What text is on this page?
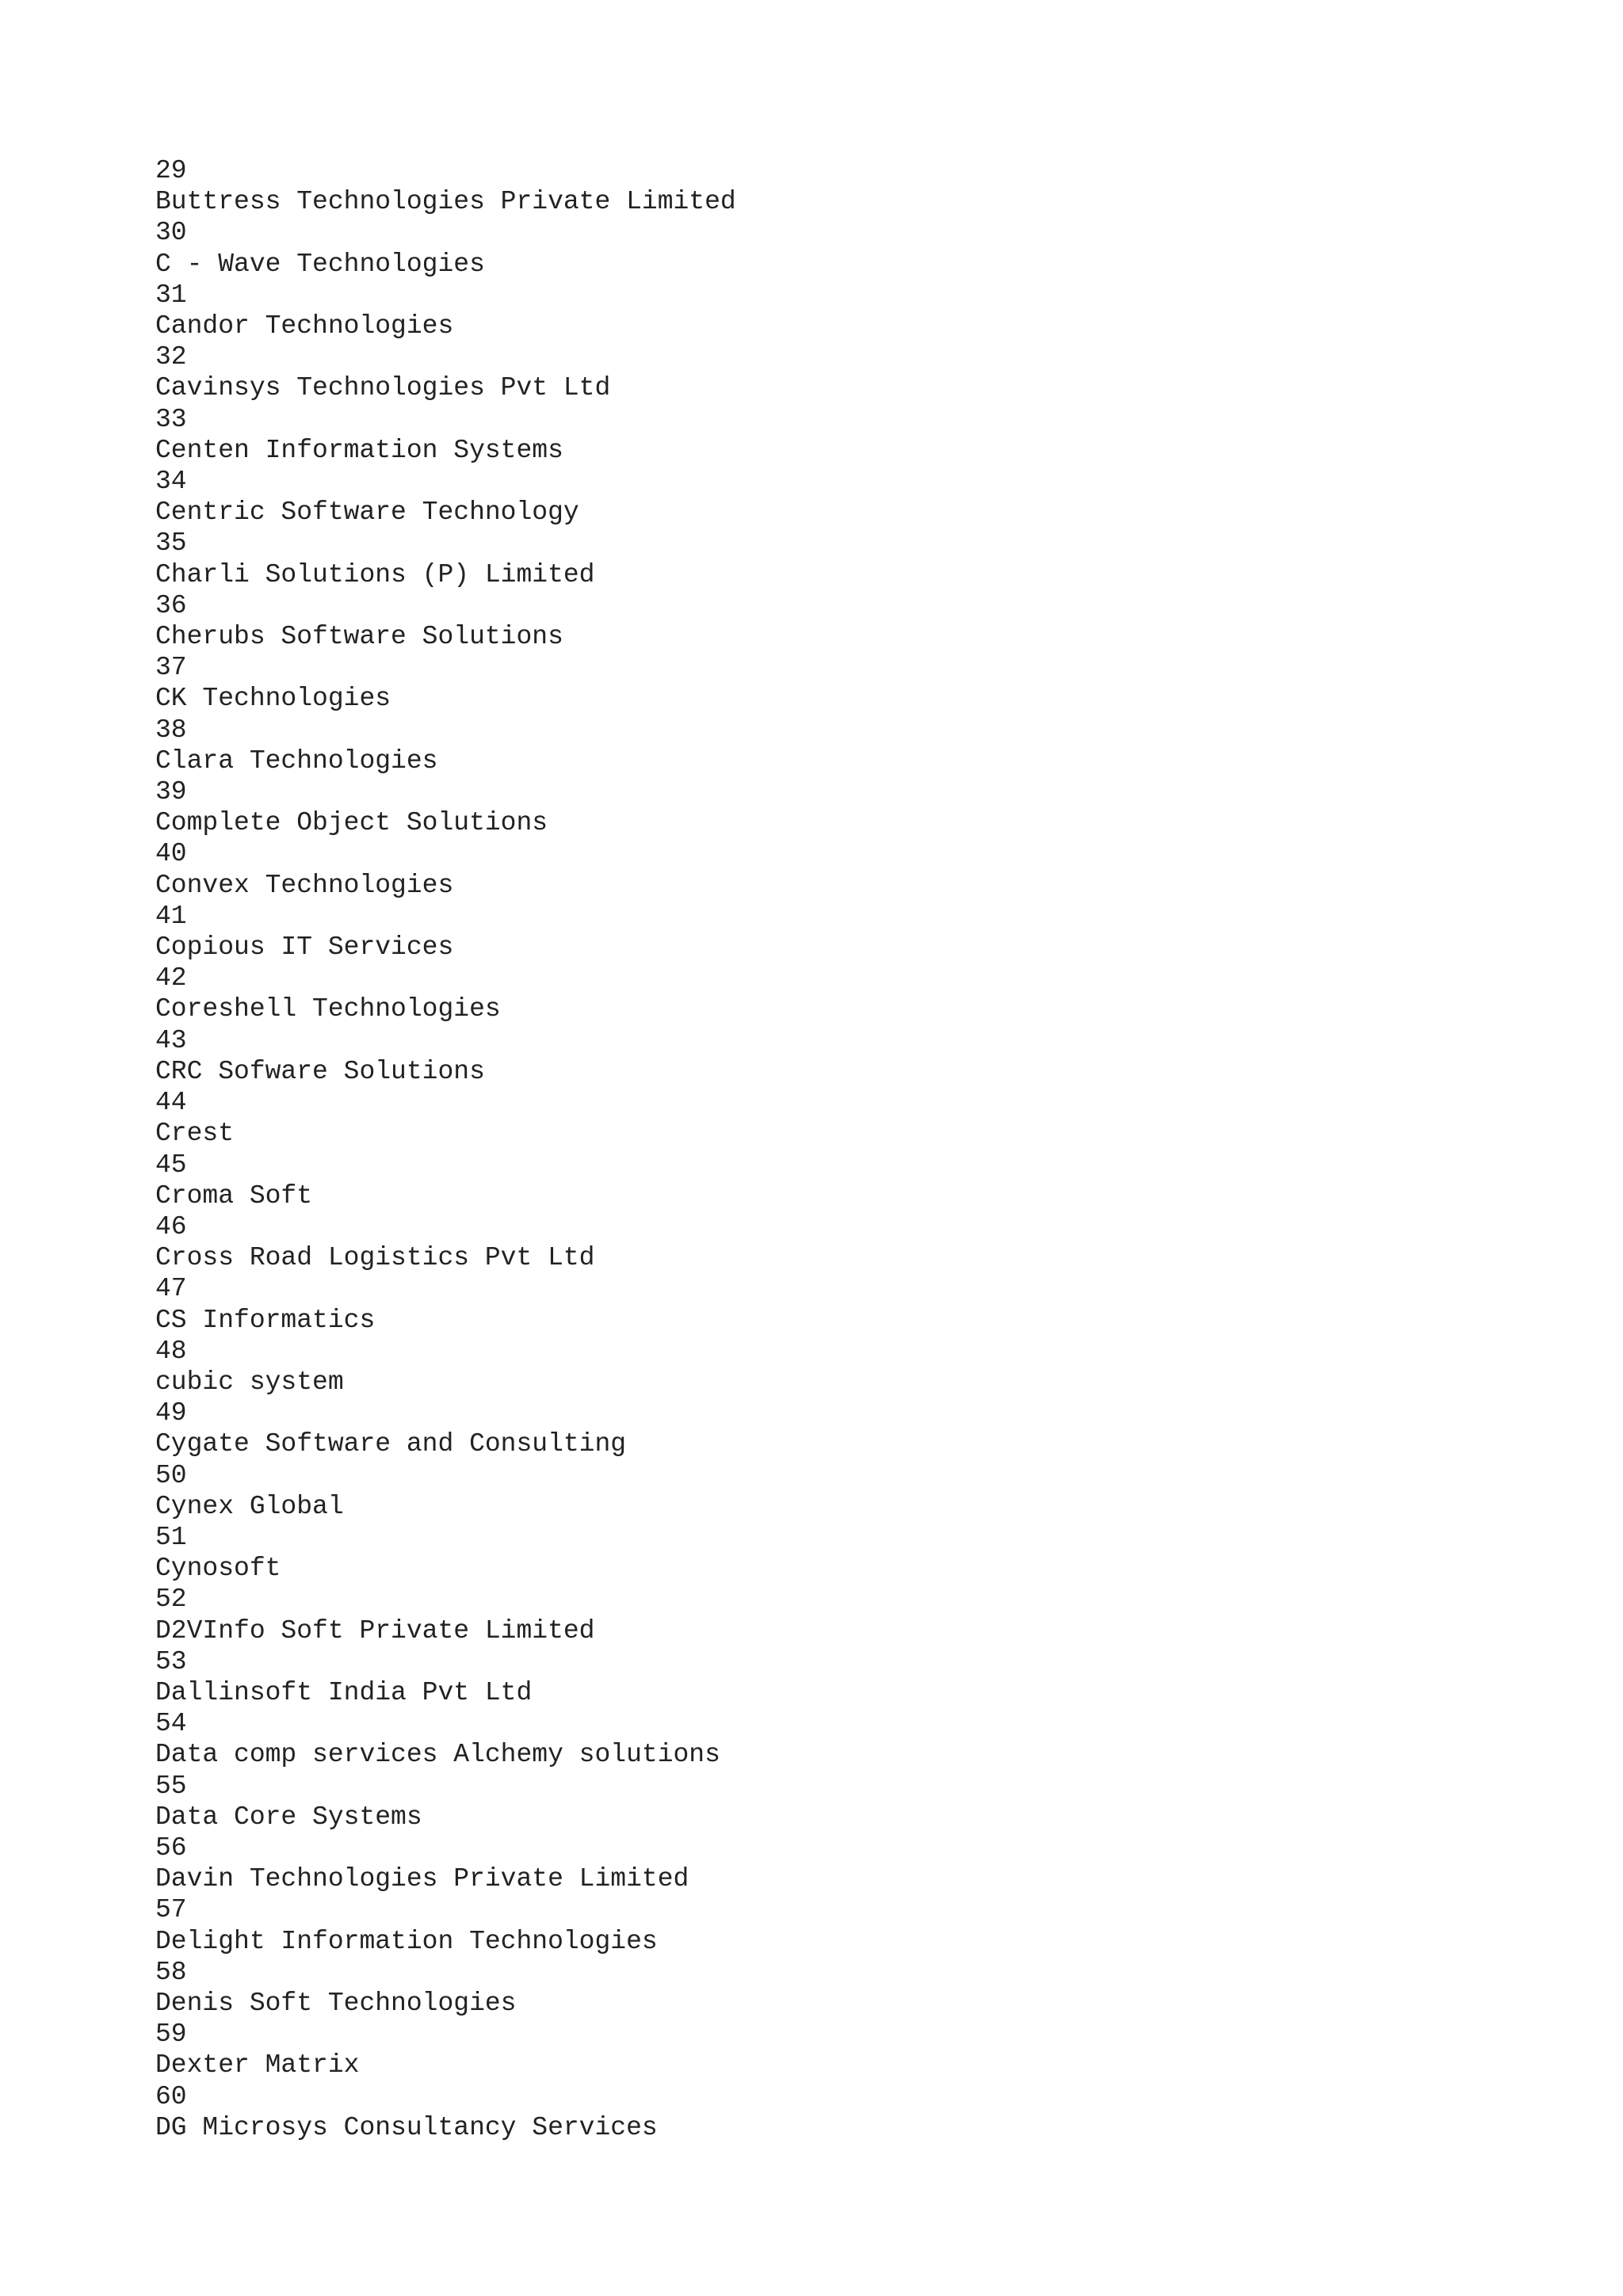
29
Buttress Technologies Private Limited
30
C - Wave Technologies
31
Candor Technologies
32
Cavinsys Technologies Pvt Ltd
33
Centen Information Systems
34
Centric Software Technology
35
Charli Solutions (P) Limited
36
Cherubs Software Solutions
37
CK Technologies
38
Clara Technologies
39
Complete Object Solutions
40
Convex Technologies
41
Copious IT Services
42
Coreshell Technologies
43
CRC Sofware Solutions
44
Crest
45
Croma Soft
46
Cross Road Logistics Pvt Ltd
47
CS Informatics
48
cubic system
49
Cygate Software and Consulting
50
Cynex Global
51
Cynosoft
52
D2VInfo Soft Private Limited
53
Dallinsoft India Pvt Ltd
54
Data comp services Alchemy solutions
55
Data Core Systems
56
Davin Technologies Private Limited
57
Delight Information Technologies
58
Denis Soft Technologies
59
Dexter Matrix
60
DG Microsys Consultancy Services
